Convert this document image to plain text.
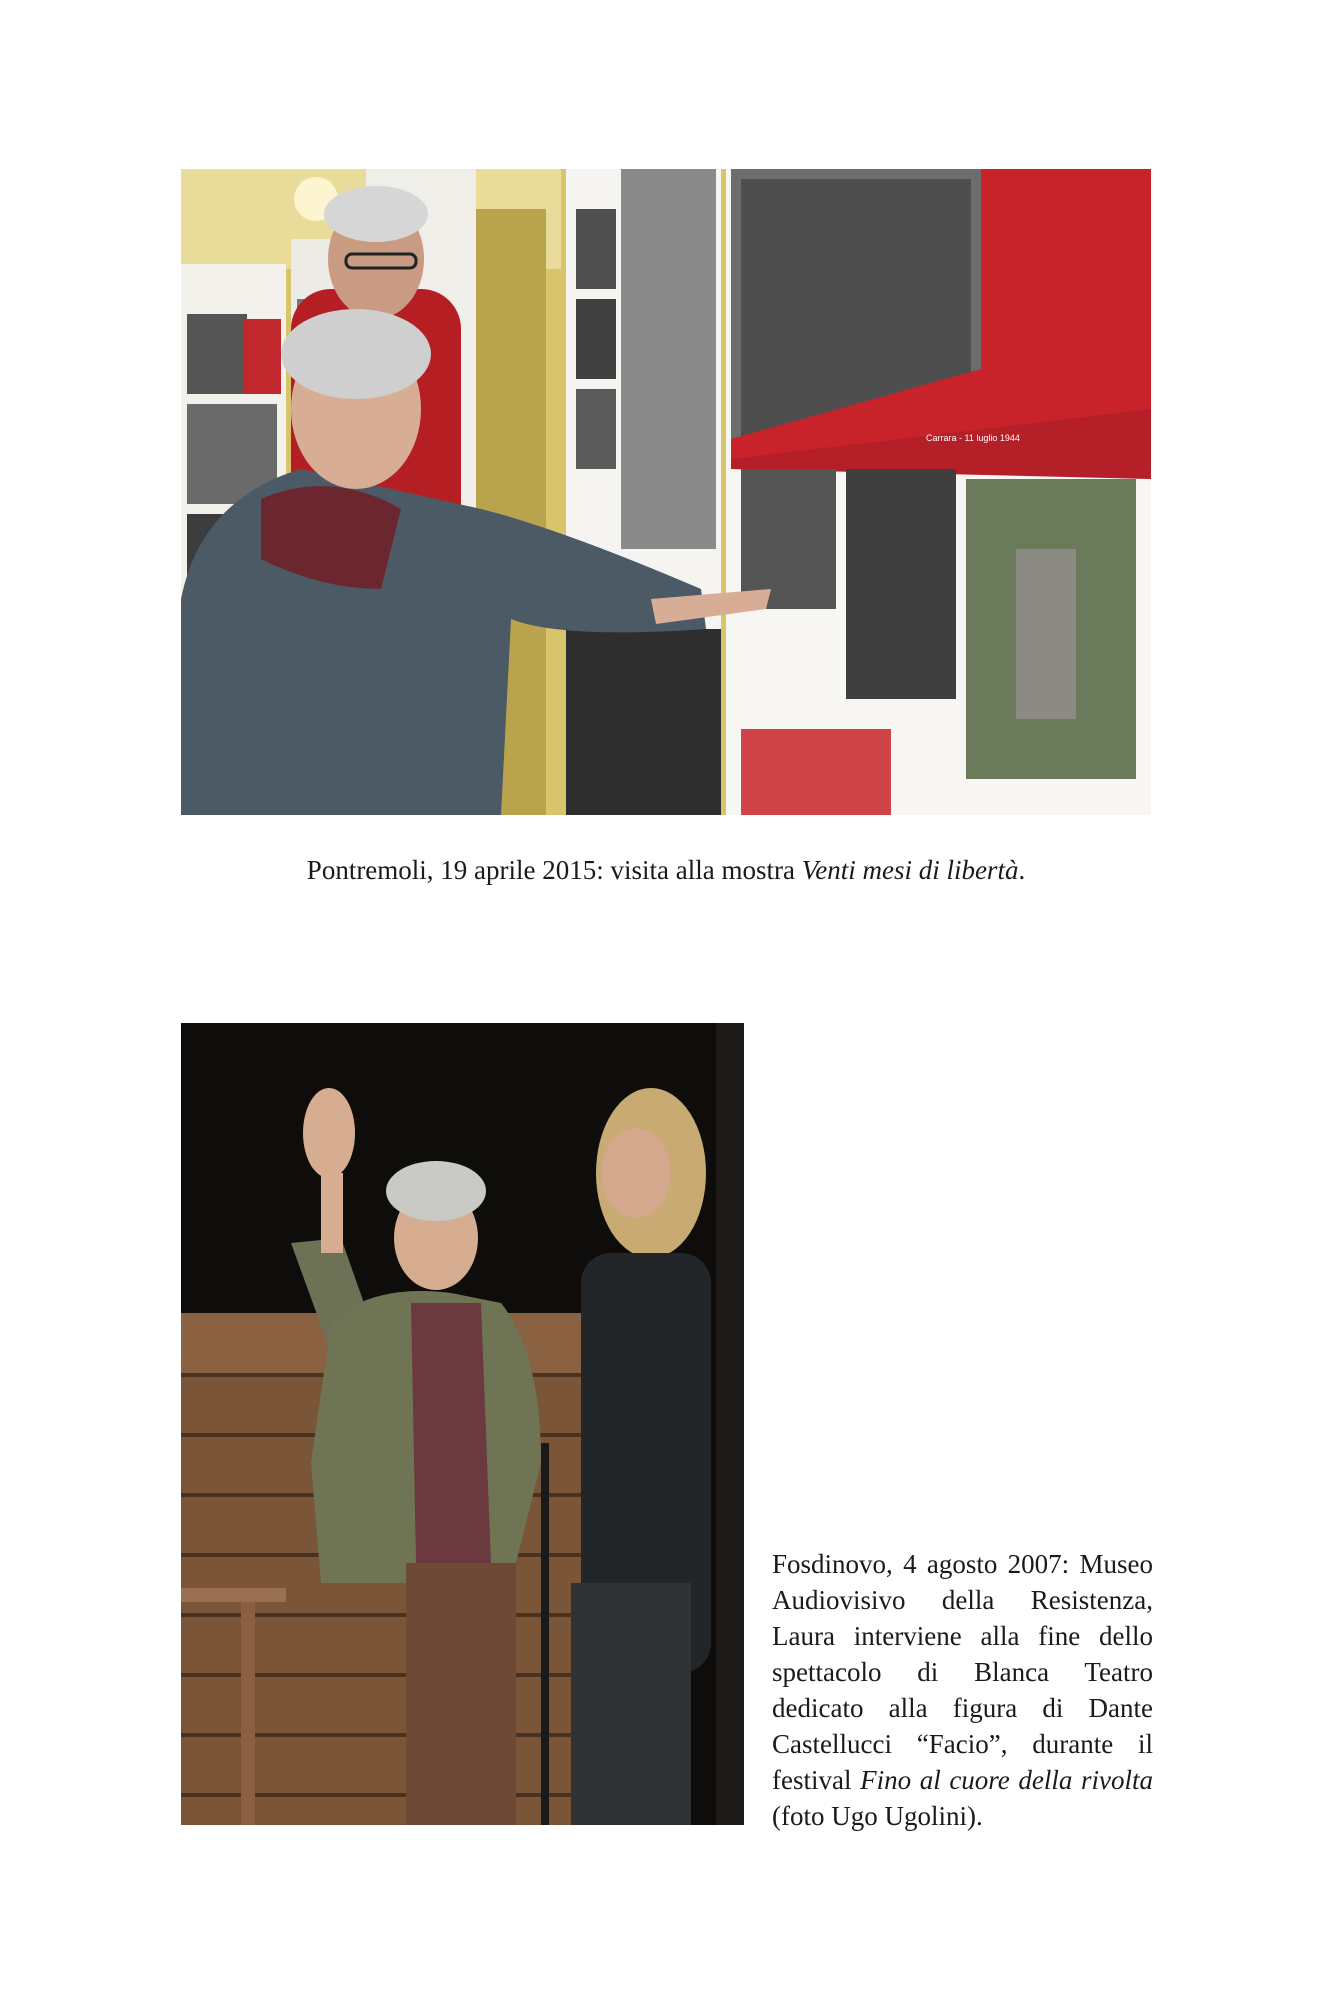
Carrara - 11 luglio 1944
Pontremoli, 19 aprile 2015: visita alla mostra Venti mesi di libertà.
Fosdinovo, 4 agosto 2007: Museo Audiovisivo della Resistenza, Laura interviene alla fine dello spettacolo di Blanca Teatro dedicato alla figura di Dante Castellucci “Facio”, durante il festival Fino al cuore della rivolta (foto Ugo Ugolini).
